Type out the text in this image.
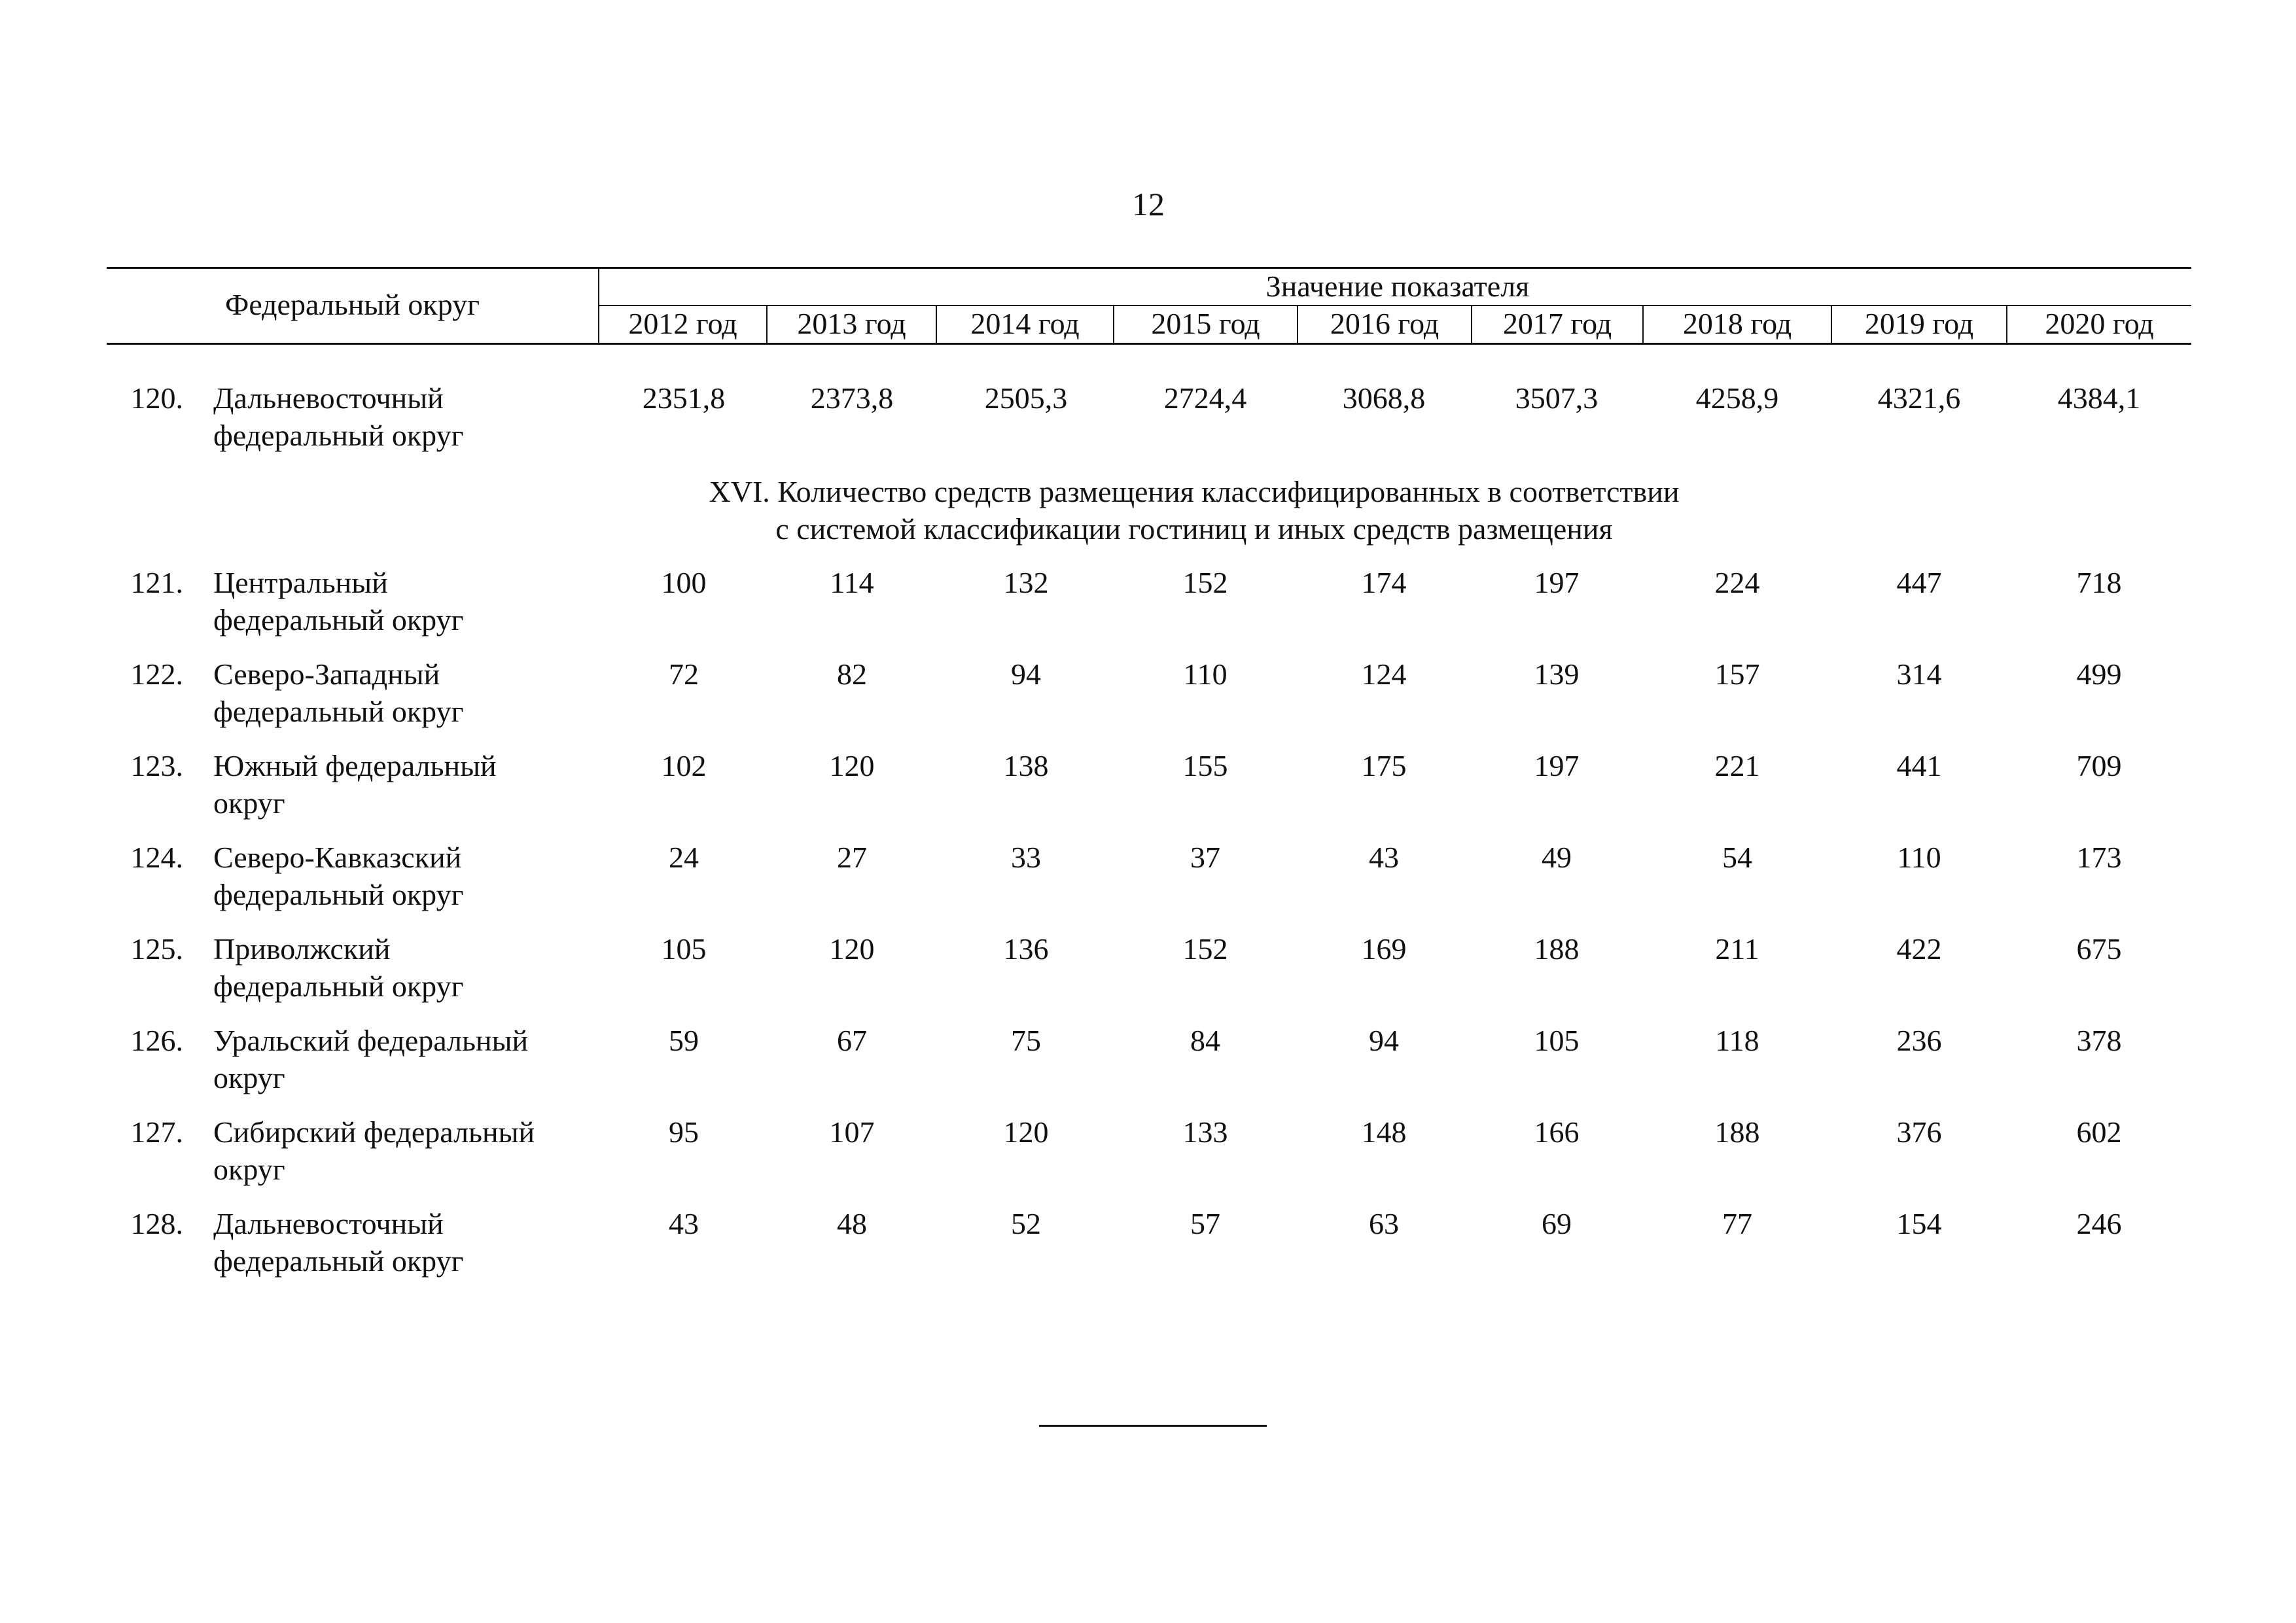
12
Федеральный округ
Значение показателя
2012 год	2013 год	2014 год	2015 год	2016 год	2017 год	2018 год	2019 год	2020 год
120. Дальневосточный
федеральный округ
2351,8	2373,8	2505,3	2724,4	3068,8	3507,3	4258,9	4321,6	4384,1
XVI. Количество средств размещения классифицированных в соответствии
с системой классификации гостиниц и иных средств размещения
121. Центральный
федеральный округ
100	114	132	152	174	197	224	447	718
122. Северо-Западный
федеральный округ
72	82	94	110	124	139	157	314	499
123. Южный федеральный
округ
102	120	138	155	175	197	221	441	709
124. Северо-Кавказский
федеральный округ
24	27	33	37	43	49	54	110	173
125. Приволжский
федеральный округ
105	120	136	152	169	188	211	422	675
126. Уральский федеральный
округ
59	67	75	84	94	105	118	236	378
127. Сибирский федеральный
округ
95	107	120	133	148	166	188	376	602
128. Дальневосточный
федеральный округ
43	48	52	57	63	69	77	154	246
